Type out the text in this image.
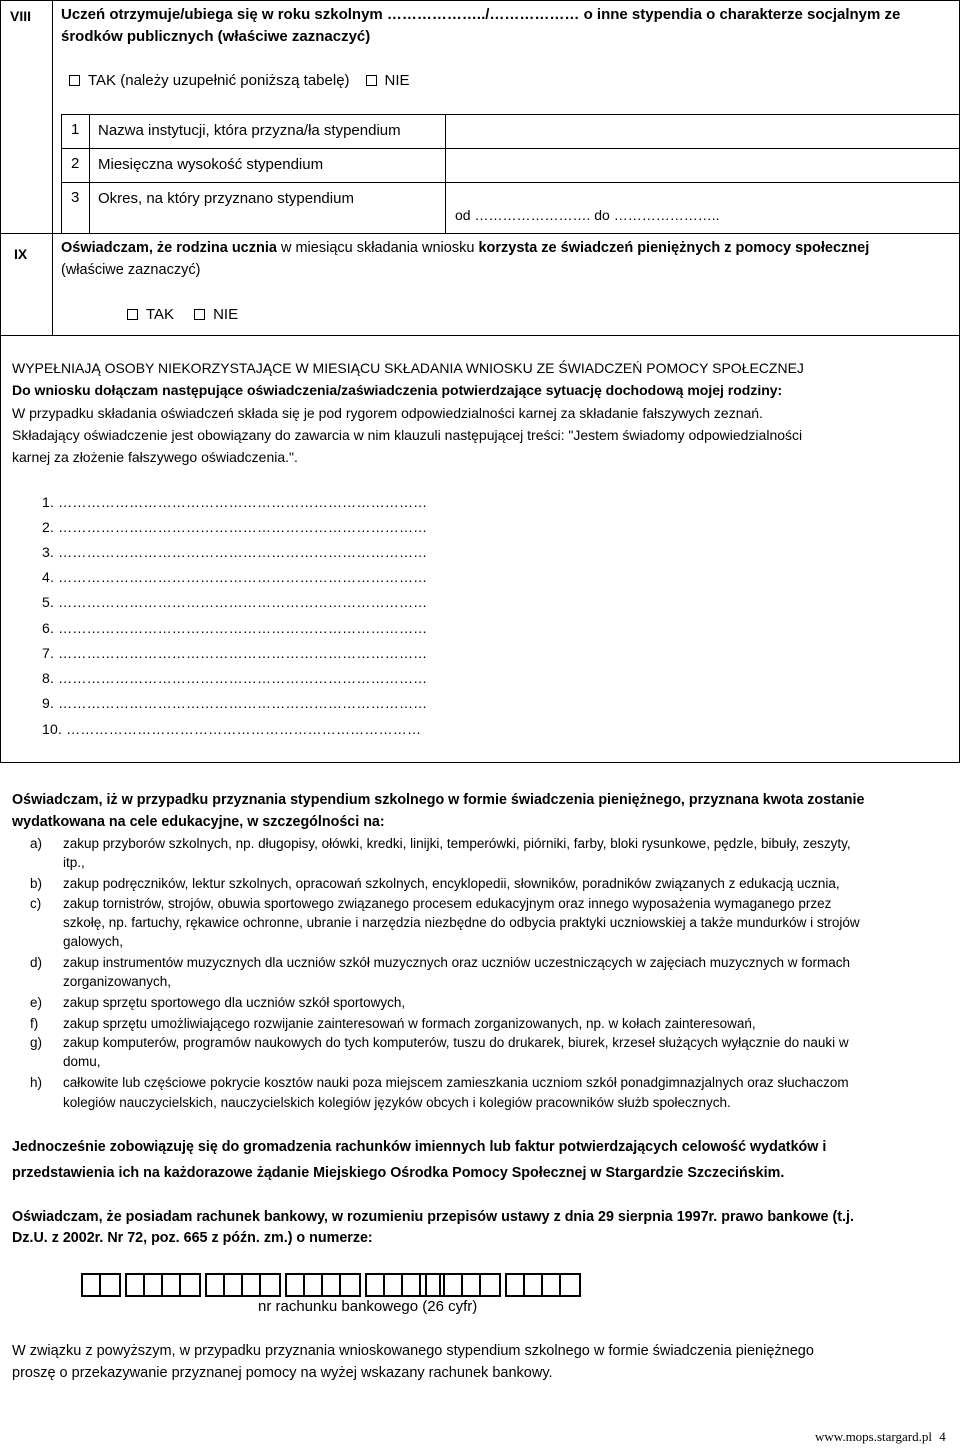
VIII Uczeń otrzymuje/ubiega się w roku szkolnym ………………../……………… o inne stypendia o charakterze socjalnym ze
środków publicznych (właściwe zaznaczyć)
TAK (należy uzupełnić poniższą tabelę) NIE
1 Nazwa instytucji, która przyzna/ła stypendium
2 Miesięczna wysokość stypendium
3 Okres, na który przyznano stypendium
od ……………………. do …………………..
IX Oświadczam, że rodzina ucznia w miesiącu składania wniosku korzysta ze świadczeń pieniężnych z pomocy społecznej
(właściwe zaznaczyć)
TAK	NIE
WYPEŁNIAJĄ OSOBY NIEKORZYSTAJĄCE W MIESIĄCU SKŁADANIA WNIOSKU ZE ŚWIADCZEŃ POMOCY SPOŁECZNEJ
Do wniosku dołączam następujące oświadczenia/zaświadczenia potwierdzające sytuację dochodową mojej rodziny:
W przypadku składania oświadczeń składa się je pod rygorem odpowiedzialności karnej za składanie fałszywych zeznań.
Składający oświadczenie jest obowiązany do zawarcia w nim klauzuli następującej treści: "Jestem świadomy odpowiedzialności
karnej za złożenie fałszywego oświadczenia.".
1. ……………………………………………………………………
2. ……………………………………………………………………
3. ……………………………………………………………………
4. ……………………………………………………………………
5. ……………………………………………………………………
6. ……………………………………………………………………
7. ……………………………………………………………………
8. ……………………………………………………………………
9. ……………………………………………………………………
10. …………………………………………………………………
Oświadczam, iż w przypadku przyznania stypendium szkolnego w formie świadczenia pieniężnego, przyznana kwota zostanie
wydatkowana na cele edukacyjne, w szczególności na:
a) zakup przyborów szkolnych, np. długopisy, ołówki, kredki, linijki, temperówki, piórniki, farby, bloki rysunkowe, pędzle, bibuły, zeszyty,
itp.,
b) zakup podręczników, lektur szkolnych, opracowań szkolnych, encyklopedii, słowników, poradników związanych z edukacją ucznia,
c) zakup tornistrów, strojów, obuwia sportowego związanego procesem edukacyjnym oraz innego wyposażenia wymaganego przez
szkołę, np. fartuchy, rękawice ochronne, ubranie i narzędzia niezbędne do odbycia praktyki uczniowskiej a także mundurków i strojów
galowych,
d) zakup instrumentów muzycznych dla uczniów szkół muzycznych oraz uczniów uczestniczących w zajęciach muzycznych w formach
zorganizowanych,
e) zakup sprzętu sportowego dla uczniów szkół sportowych,
f) zakup sprzętu umożliwiającego rozwijanie zainteresowań w formach zorganizowanych, np. w kołach zainteresowań,
g) zakup komputerów, programów naukowych do tych komputerów, tuszu do drukarek, biurek, krzeseł służących wyłącznie do nauki w
domu,
h) całkowite lub częściowe pokrycie kosztów nauki poza miejscem zamieszkania uczniom szkół ponadgimnazjalnych oraz słuchaczom
kolegiów nauczycielskich, nauczycielskich kolegiów języków obcych i kolegiów pracowników służb społecznych.
Jednocześnie zobowiązuję się do gromadzenia rachunków imiennych lub faktur potwierdzających celowość wydatków i
przedstawienia ich na każdorazowe żądanie Miejskiego Ośrodka Pomocy Społecznej w Stargardzie Szczecińskim.
Oświadczam, że posiadam rachunek bankowy, w rozumieniu przepisów ustawy z dnia 29 sierpnia 1997r. prawo bankowe (t.j.
Dz.U. z 2002r. Nr 72, poz. 665 z późn. zm.) o numerze:
nr rachunku bankowego (26 cyfr)
W związku z powyższym, w przypadku przyznania wnioskowanego stypendium szkolnego w formie świadczenia pieniężnego
proszę o przekazywanie przyznanej pomocy na wyżej wskazany rachunek bankowy.
www.mops.stargard.pl 4
